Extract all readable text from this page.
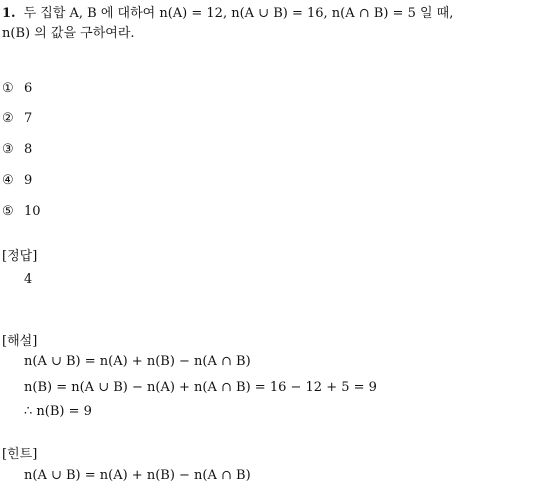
1. 두 집합 A, B 에 대하여 n(A) = 12, n(A ∪ B) = 16, n(A ∩ B) = 5 일 때,
n(B) 의 값을 구하여라.
① 6
② 7
③ 8
④ 9
⑤ 10
[정답]
4
[해설]
n(A ∪ B) = n(A) + n(B) − n(A ∩ B)
n(B) = n(A ∪ B) − n(A) + n(A ∩ B) = 16 − 12 + 5 = 9
∴ n(B) = 9
[힌트]
n(A ∪ B) = n(A) + n(B) − n(A ∩ B)
